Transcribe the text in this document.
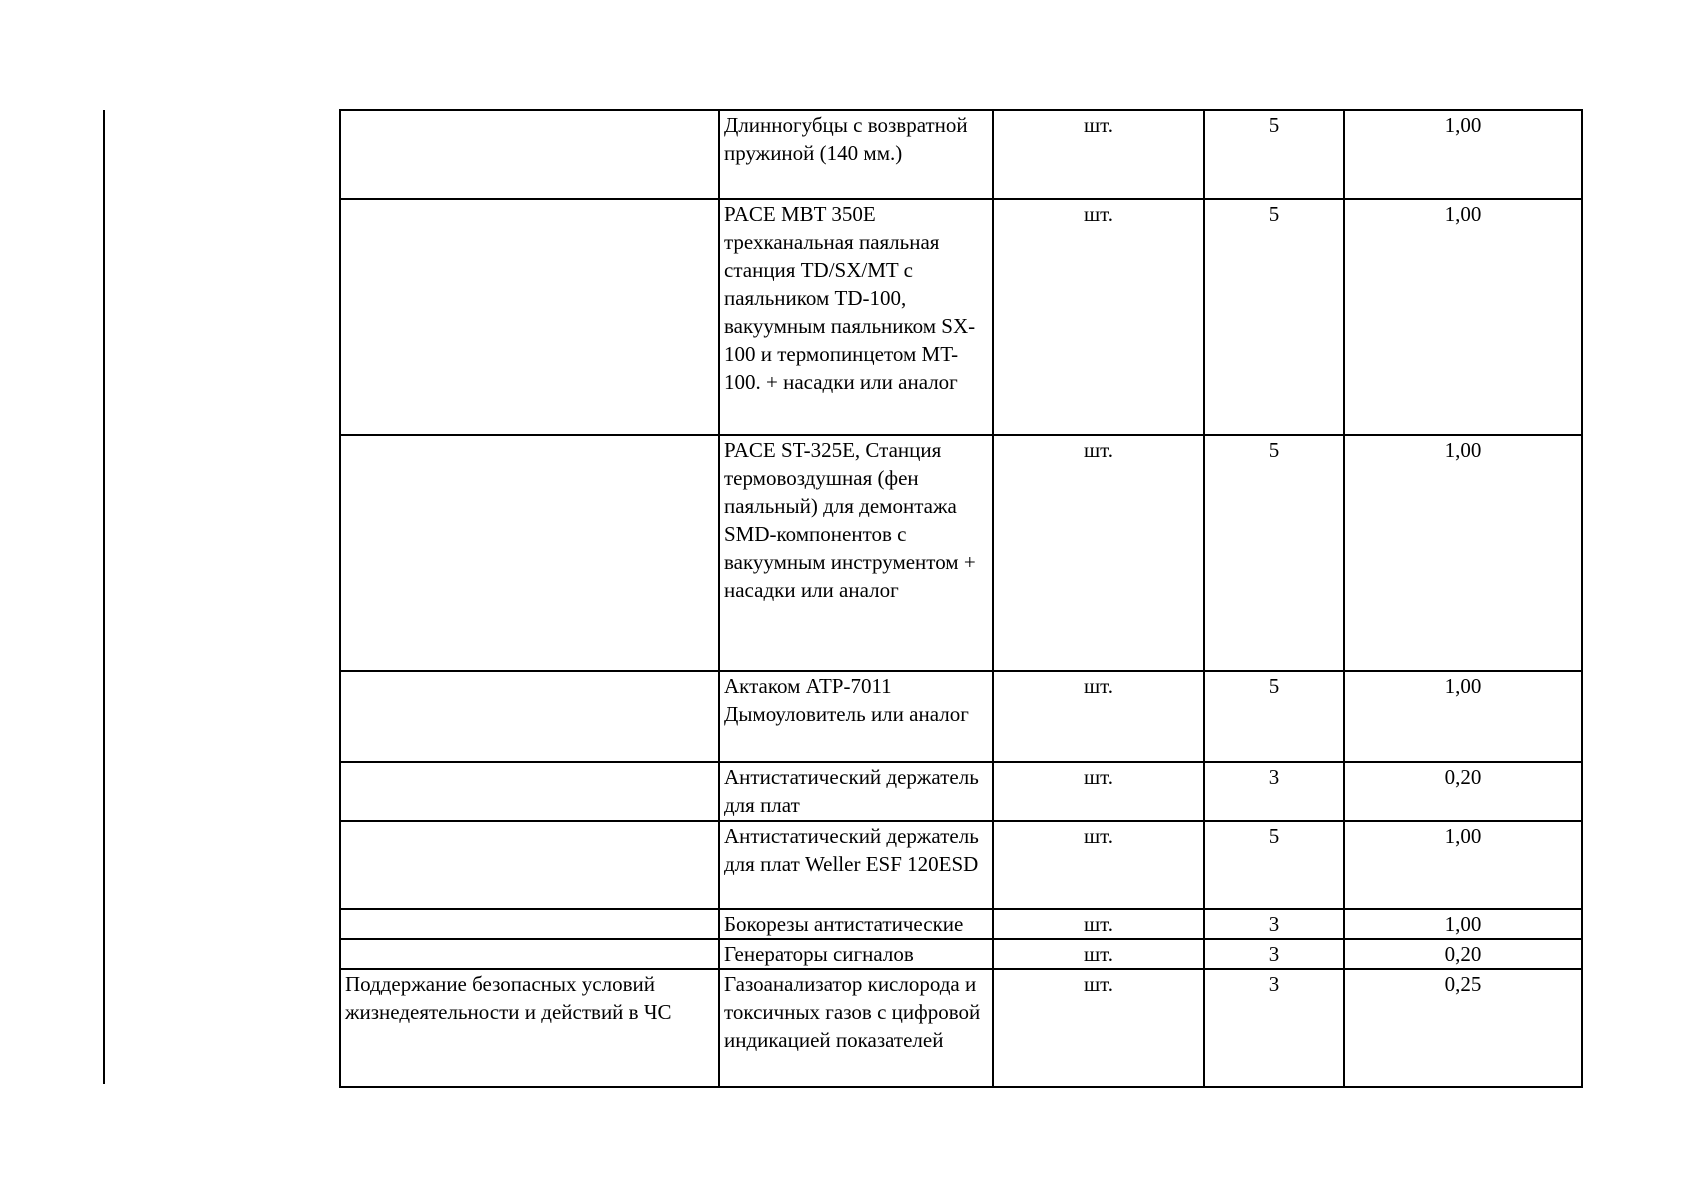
	Длинногубцы с возвратной пружиной (140 мм.)	шт.	5	1,00
	PACE MBT 350E трехканальная паяльная станция TD/SX/MT с паяльником TD-100, вакуумным паяльником SX-100 и термопинцетом MT-100. + насадки или аналог	шт.	5	1,00
	PACE ST-325E, Станция термовоздушная (фен паяльный) для демонтажа SMD-компонентов с вакуумным инструментом + насадки или аналог	шт.	5	1,00
	Актаком АТР-7011 Дымоуловитель или аналог	шт.	5	1,00
	Антистатический держатель для плат	шт.	3	0,20
	Антистатический держатель для плат Weller ESF 120ESD	шт.	5	1,00
	Бокорезы антистатические	шт.	3	1,00
	Генераторы сигналов	шт.	3	0,20
Поддержание безопасных условий жизнедеятельности и действий в ЧС	Газоанализатор кислорода и токсичных газов с цифровой индикацией показателей	шт.	3	0,25
